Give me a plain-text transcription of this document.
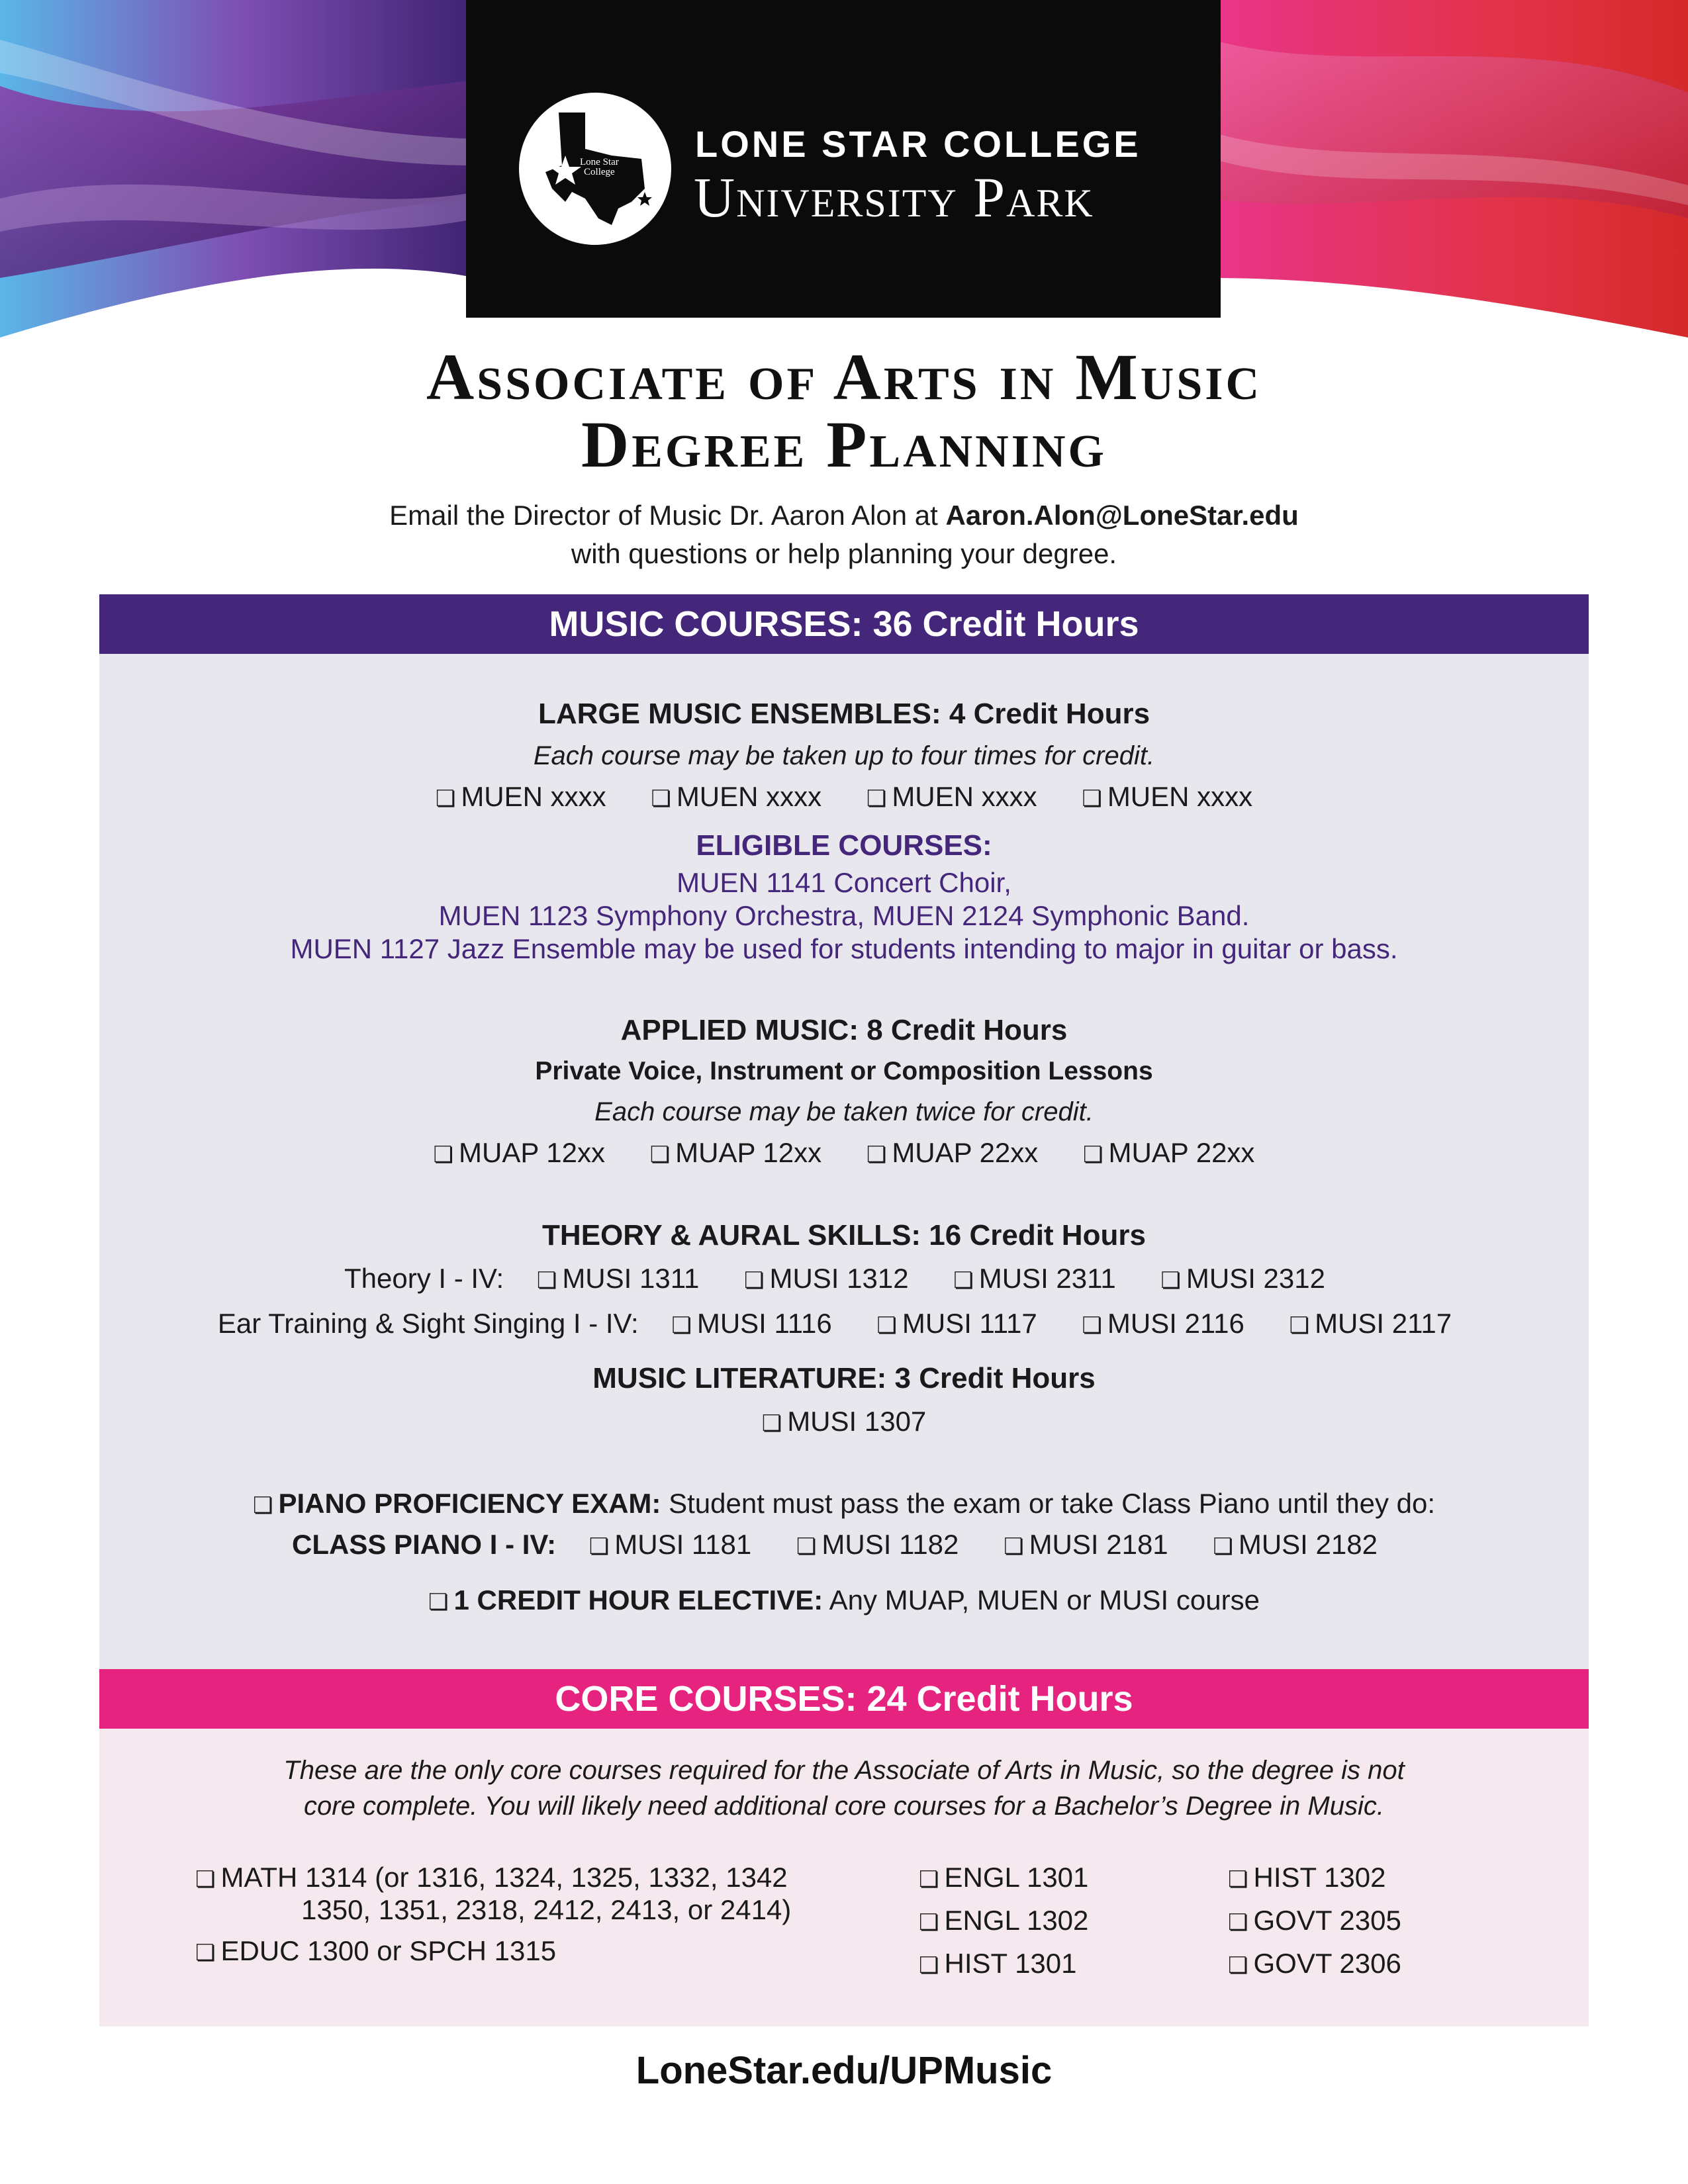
Lone Star
College
LONE STAR COLLEGE
University Park
Associate of Arts in Music
Degree Planning
Email the Director of Music Dr. Aaron Alon at Aaron.Alon@LoneStar.edu
with questions or help planning your degree.
MUSIC COURSES: 36 Credit Hours
LARGE MUSIC ENSEMBLES: 4 Credit Hours
Each course may be taken up to four times for credit.
❏ MUEN xxxx ❏ MUEN xxxx ❏ MUEN xxxx ❏ MUEN xxxx
ELIGIBLE COURSES:
MUEN 1141 Concert Choir,
MUEN 1123 Symphony Orchestra, MUEN 2124 Symphonic Band.
MUEN 1127 Jazz Ensemble may be used for students intending to major in guitar or bass.
APPLIED MUSIC: 8 Credit Hours
Private Voice, Instrument or Composition Lessons
Each course may be taken twice for credit.
❏ MUAP 12xx ❏ MUAP 12xx ❏ MUAP 22xx ❏ MUAP 22xx
THEORY & AURAL SKILLS: 16 Credit Hours
Theory I - IV: ❏ MUSI 1311 ❏ MUSI 1312 ❏ MUSI 2311 ❏ MUSI 2312
Ear Training & Sight Singing I - IV: ❏ MUSI 1116 ❏ MUSI 1117 ❏ MUSI 2116 ❏ MUSI 2117
MUSIC LITERATURE: 3 Credit Hours
❏ MUSI 1307
❏ PIANO PROFICIENCY EXAM: Student must pass the exam or take Class Piano until they do:
CLASS PIANO I - IV: ❏ MUSI 1181 ❏ MUSI 1182 ❏ MUSI 2181 ❏ MUSI 2182
❏ 1 CREDIT HOUR ELECTIVE: Any MUAP, MUEN or MUSI course
CORE COURSES: 24 Credit Hours
These are the only core courses required for the Associate of Arts in Music, so the degree is not
core complete. You will likely need additional core courses for a Bachelor’s Degree in Music.
❏ MATH 1314 (or 1316, 1324, 1325, 1332, 1342
1350, 1351, 2318, 2412, 2413, or 2414)
❏ EDUC 1300 or SPCH 1315
❏ ENGL 1301
❏ ENGL 1302
❏ HIST 1301
❏ HIST 1302
❏ GOVT 2305
❏ GOVT 2306
LoneStar.edu/UPMusic
